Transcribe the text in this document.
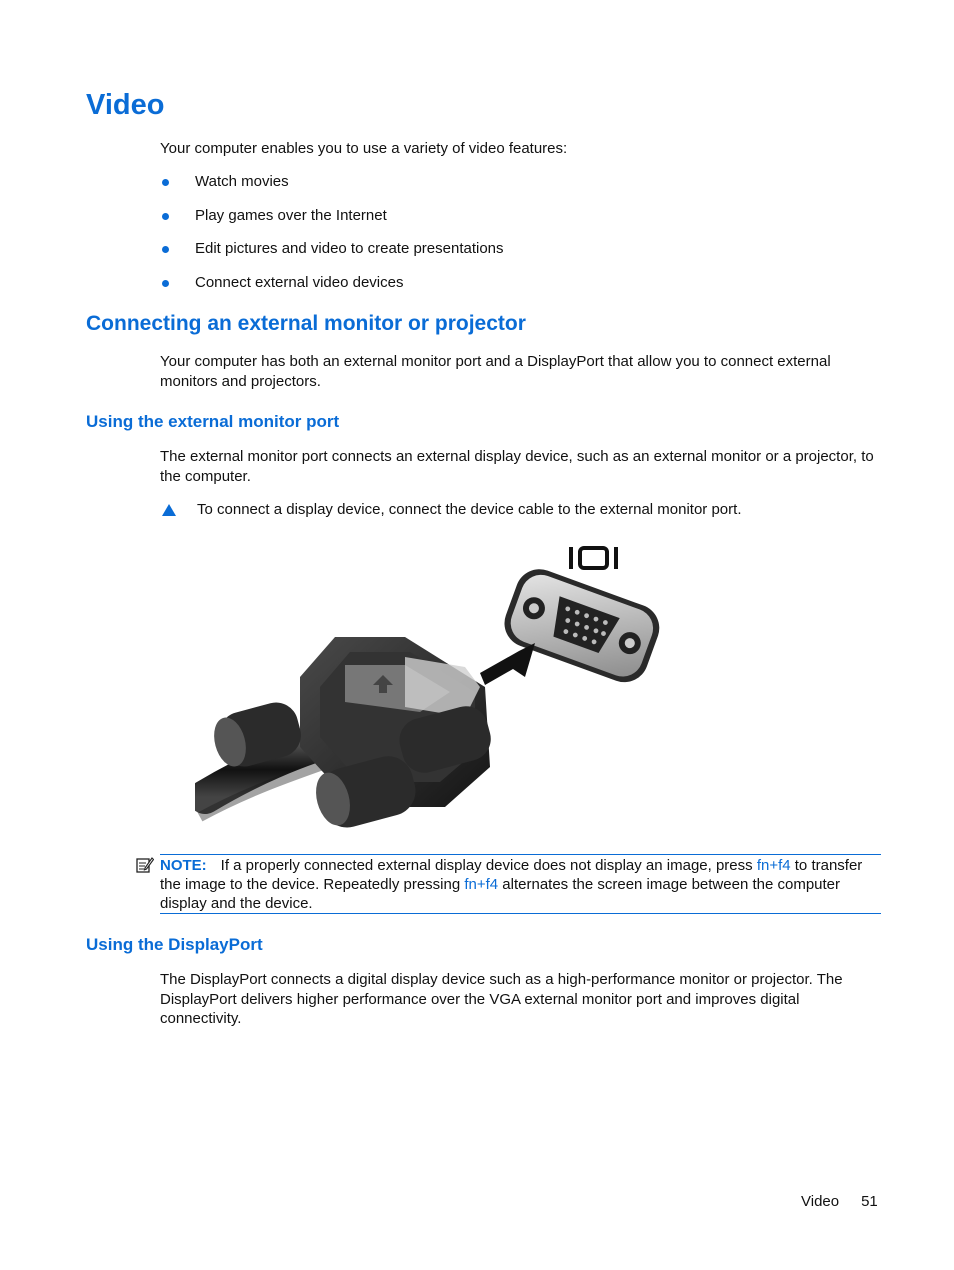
Video

Your computer enables you to use a variety of video features:

Watch movies
Play games over the Internet
Edit pictures and video to create presentations
Connect external video devices
Connecting an external monitor or projector

Your computer has both an external monitor port and a DisplayPort that allow you to connect external monitors and projectors.

Using the external monitor port

The external monitor port connects an external display device, such as an external monitor or a projector, to the computer.

To connect a display device, connect the device cable to the external monitor port.
NOTE: If a properly connected external display device does not display an image, press fn+f4 to transfer the image to the device. Repeatedly pressing fn+f4 alternates the screen image between the computer display and the device.
Using the DisplayPort

The DisplayPort connects a digital display device such as a high-performance monitor or projector. The DisplayPort delivers higher performance over the VGA external monitor port and improves digital connectivity.

Video 51
